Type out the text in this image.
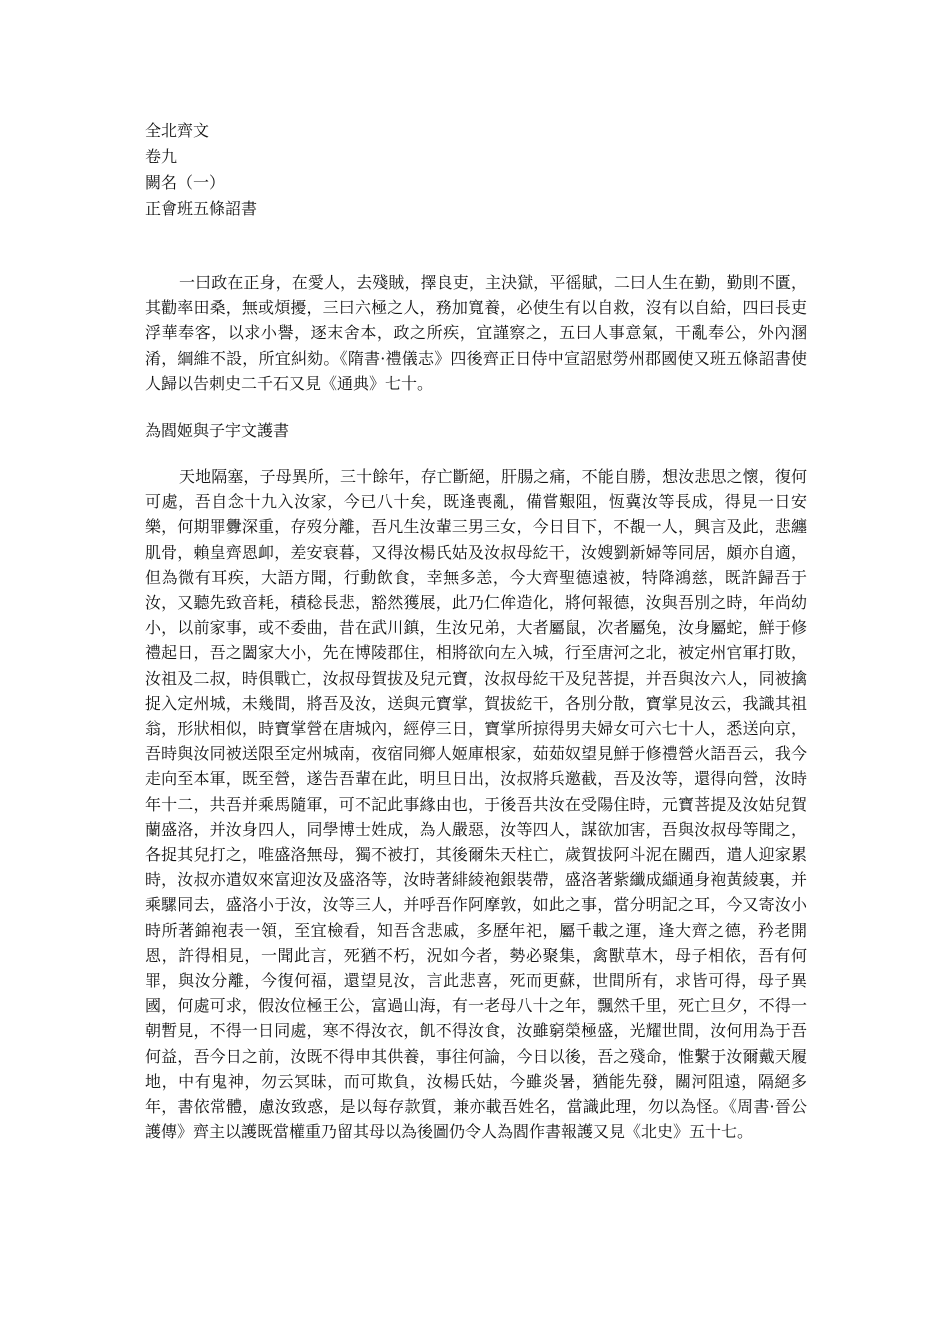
全北齊文
卷九
闕名（一）
正會班五條詔書

一曰政在正身，在愛人，去殘賊，擇良吏，主決獄，平徭賦，二曰人生在勤，勤則不匱，其勸率田桑，無或煩擾，三曰六極之人，務加寬養，必使生有以自救，沒有以自給，四曰長吏浮華奉客，以求小譽，逐末舍本，政之所疾，宜謹察之，五曰人事意氣，干亂奉公，外內溷淆，綱維不設，所宜糾劾。《隋書·禮儀志》四後齊正日侍中宣詔慰勞州郡國使又班五條詔書使人歸以告刺史二千石又見《通典》七十。

為閻姬與子宇文護書

天地隔塞，子母異所，三十餘年，存亡斷絕，肝腸之痛，不能自勝，想汝悲思之懷，復何可處，吾自念十九入汝家，今已八十矣，既逢喪亂，備嘗艱阻，恆冀汝等長成，得見一日安樂，何期罪釁深重，存歿分離，吾凡生汝輩三男三女，今日目下，不覩一人，興言及此，悲纏肌骨，賴皇齊恩卹，差安衰暮，又得汝楊氏姑及汝叔母紇干，汝嫂劉新婦等同居，頗亦自適，但為微有耳疾，大語方聞，行動飲食，幸無多恙，今大齊聖德遠被，特降鴻慈，既許歸吾于汝，又聽先致音耗，積稔長悲，豁然獲展，此乃仁侔造化，將何報德，汝與吾別之時，年尚幼小，以前家事，或不委曲，昔在武川鎮，生汝兄弟，大者屬鼠，次者屬兔，汝身屬蛇，鮮于修禮起日，吾之闔家大小，先在博陵郡住，相將欲向左入城，行至唐河之北，被定州官軍打敗，汝祖及二叔，時俱戰亡，汝叔母賀拔及兒元寶，汝叔母紇干及兒菩提，并吾與汝六人，同被擒捉入定州城，未幾間，將吾及汝，送與元寶掌，賀拔紇干，各別分散，寶掌見汝云，我識其祖翁，形狀相似，時寶掌營在唐城內，經停三日，寶掌所掠得男夫婦女可六七十人，悉送向京，吾時與汝同被送限至定州城南，夜宿同鄉人姬庫根家，茹茹奴望見鮮于修禮營火語吾云，我今走向至本軍，既至營，遂告吾輩在此，明旦日出，汝叔將兵邀截，吾及汝等，還得向營，汝時年十二，共吾并乘馬隨軍，可不記此事緣由也，于後吾共汝在受陽住時，元寶菩提及汝姑兒賀蘭盛洛，并汝身四人，同學博士姓成，為人嚴惡，汝等四人，謀欲加害，吾與汝叔母等聞之，各捉其兒打之，唯盛洛無母，獨不被打，其後爾朱天柱亡，歲賀拔阿斗泥在關西，遣人迎家累時，汝叔亦遣奴來富迎汝及盛洛等，汝時著緋綾袍銀裝帶，盛洛著紫纖成纈通身袍黃綾裏，并乘騾同去，盛洛小于汝，汝等三人，并呼吾作阿摩敦，如此之事，當分明記之耳，今又寄汝小時所著錦袍表一領，至宜檢看，知吾含悲戚，多歷年祀，屬千載之運，逢大齊之德，矜老開恩，許得相見，一聞此言，死猶不朽，況如今者，勢必聚集，禽獸草木，母子相依，吾有何罪，與汝分離，今復何福，還望見汝，言此悲喜，死而更蘇，世間所有，求皆可得，母子異國，何處可求，假汝位極王公，富過山海，有一老母八十之年，飄然千里，死亡旦夕，不得一朝暫見，不得一日同處，寒不得汝衣，飢不得汝食，汝雖窮榮極盛，光耀世間，汝何用為于吾何益，吾今日之前，汝既不得申其供養，事往何論，今日以後，吾之殘命，惟繫于汝爾戴天履地，中有鬼神，勿云冥昧，而可欺負，汝楊氏姑，今雖炎暑，猶能先發，關河阻遠，隔絕多年，書依常體，慮汝致惑，是以每存款質，兼亦載吾姓名，當識此理，勿以為怪。《周書·晉公護傳》齊主以護既當權重乃留其母以為後圖仍令人為閻作書報護又見《北史》五十七。
